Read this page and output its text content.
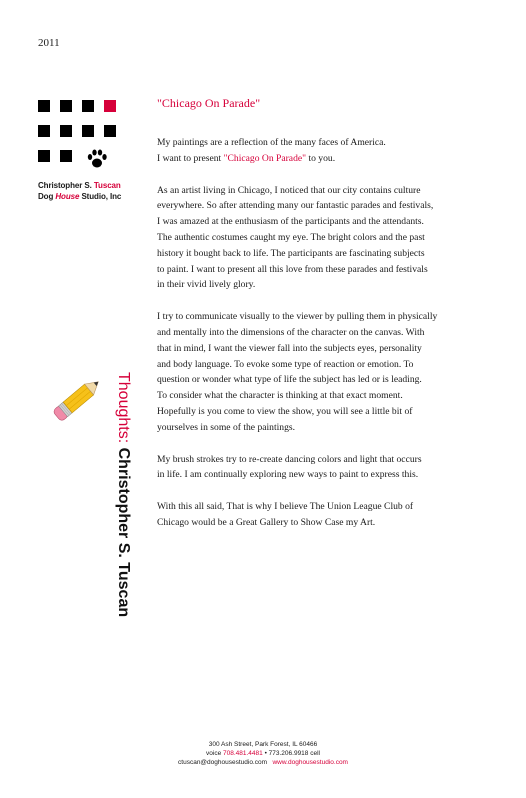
2011
Christopher S. Tuscan
Dog House Studio, Inc
Thoughts: Christopher S. Tuscan
"Chicago On Parade"

My paintings are a reflection of the many faces of America.
I want to present "Chicago On Parade" to you.

As an artist living in Chicago, I noticed that our city contains culture
everywhere. So after attending many our fantastic parades and festivals,
I was amazed at the enthusiasm of the participants and the attendants.
The authentic costumes caught my eye. The bright colors and the past
history it bought back to life. The participants are fascinating subjects
to paint. I want to present all this love from these parades and festivals
in their vivid lively glory.

I try to communicate visually to the viewer by pulling them in physically
and mentally into the dimensions of the character on the canvas. With
that in mind, I want the viewer fall into the subjects eyes, personality
and body language. To evoke some type of reaction or emotion. To
question or wonder what type of life the subject has led or is leading.
To consider what the character is thinking at that exact moment.
Hopefully is you come to view the show, you will see a little bit of
yourselves in some of the paintings.

My brush strokes try to re-create dancing colors and light that occurs
in life. I am continually exploring new ways to paint to express this.

With this all said, That is why I believe The Union League Club of
Chicago would be a Great Gallery to Show Case my Art.

300 Ash Street, Park Forest, IL 60466
voice 708.481.4481 • 773.206.9918 cell
ctuscan@doghousestudio.com www.doghousestudio.com
